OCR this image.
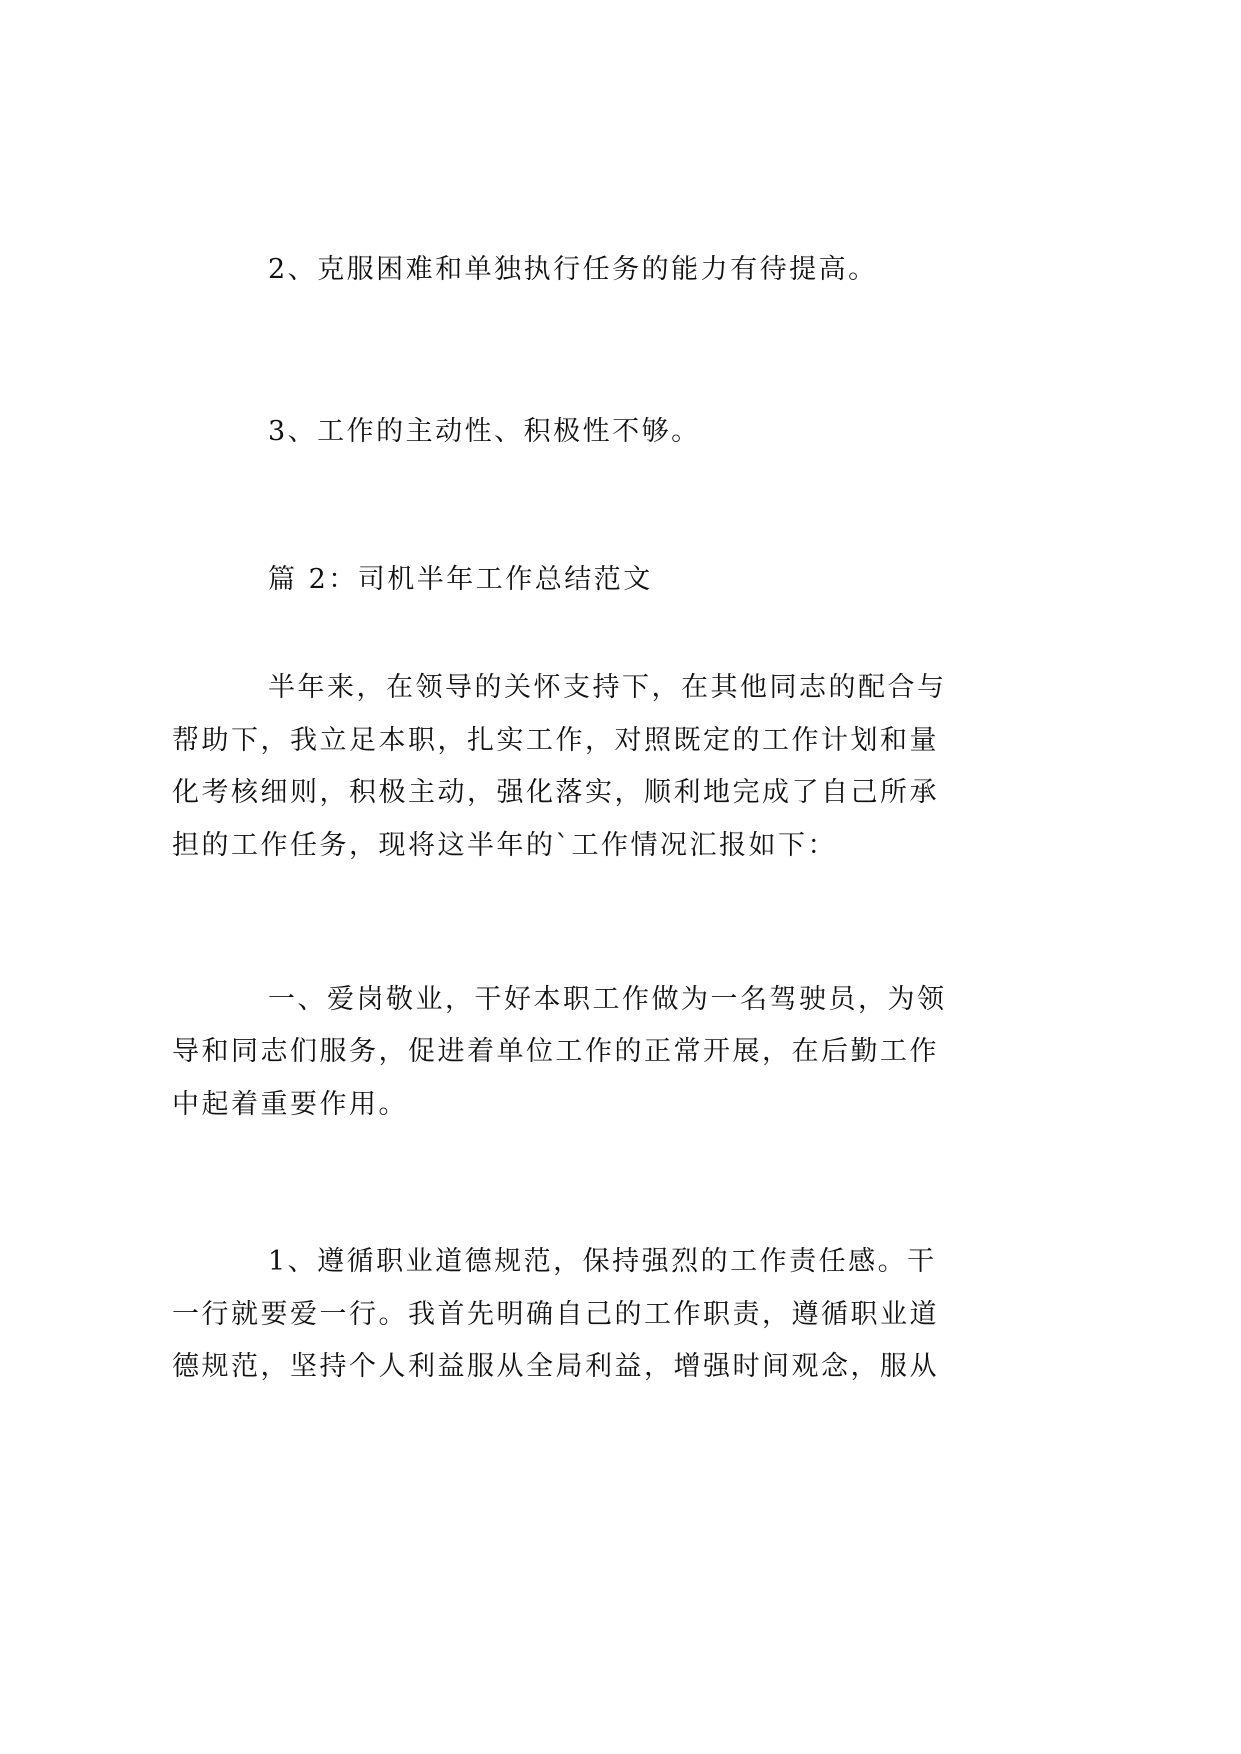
2、克服困难和单独执行任务的能力有待提高。
3、工作的主动性、积极性不够。
篇 2：司机半年工作总结范文
半年来，在领导的关怀支持下，在其他同志的配合与
帮助下，我立足本职，扎实工作，对照既定的工作计划和量
化考核细则，积极主动，强化落实，顺利地完成了自己所承
担的工作任务，现将这半年的`工作情况汇报如下：
一、爱岗敬业，干好本职工作做为一名驾驶员，为领
导和同志们服务，促进着单位工作的正常开展，在后勤工作
中起着重要作用。
1、遵循职业道德规范，保持强烈的工作责任感。干
一行就要爱一行。我首先明确自己的工作职责，遵循职业道
德规范，坚持个人利益服从全局利益，增强时间观念，服从
